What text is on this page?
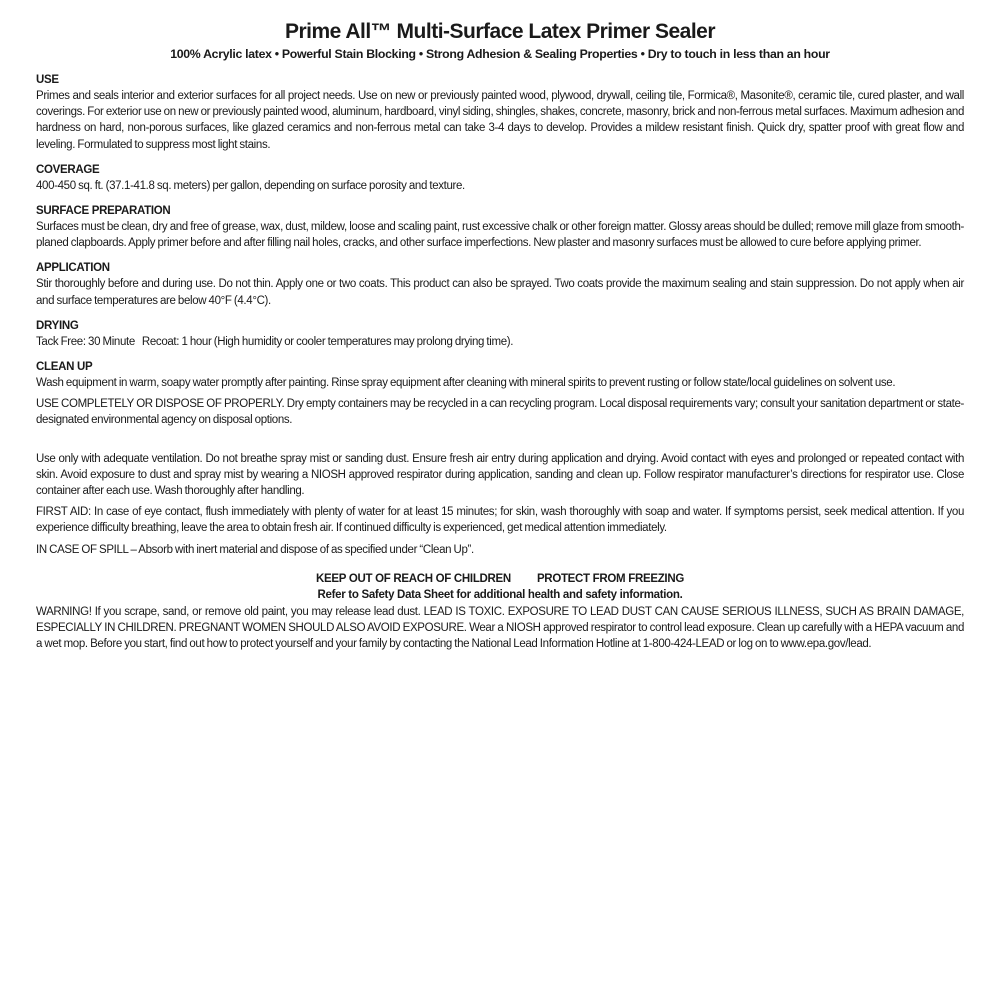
Prime All™ Multi-Surface Latex Primer Sealer
100% Acrylic latex • Powerful Stain Blocking • Strong Adhesion & Sealing Properties • Dry to touch in less than an hour
USE

Primes and seals interior and exterior surfaces for all project needs. Use on new or previously painted wood, plywood, drywall, ceiling tile, Formica®, Masonite®, ceramic tile, cured plaster, and wall coverings. For exterior use on new or previously painted wood, aluminum, hardboard, vinyl siding, shingles, shakes, concrete, masonry, brick and non-ferrous metal surfaces. Maximum adhesion and hardness on hard, non-porous surfaces, like glazed ceramics and non-ferrous metal can take 3-4 days to develop. Provides a mildew resistant finish. Quick dry, spatter proof with great flow and leveling. Formulated to suppress most light stains.

COVERAGE

400-450 sq. ft. (37.1-41.8 sq. meters) per gallon, depending on surface porosity and texture.

SURFACE PREPARATION

Surfaces must be clean, dry and free of grease, wax, dust, mildew, loose and scaling paint, rust excessive chalk or other foreign matter. Glossy areas should be dulled; remove mill glaze from smooth-planed clapboards. Apply primer before and after filling nail holes, cracks, and other surface imperfections. New plaster and masonry surfaces must be allowed to cure before applying primer.

APPLICATION

Stir thoroughly before and during use. Do not thin. Apply one or two coats. This product can also be sprayed. Two coats provide the maximum sealing and stain suppression. Do not apply when air and surface temperatures are below 40°F (4.4°C).

DRYING

Tack Free: 30 Minute   Recoat: 1 hour (High humidity or cooler temperatures may prolong drying time).

CLEAN UP

Wash equipment in warm, soapy water promptly after painting. Rinse spray equipment after cleaning with mineral spirits to prevent rusting or follow state/local guidelines on solvent use.

USE COMPLETELY OR DISPOSE OF PROPERLY. Dry empty containers may be recycled in a can recycling program. Local disposal requirements vary; consult your sanitation department or state-designated environmental agency on disposal options.

Use only with adequate ventilation. Do not breathe spray mist or sanding dust. Ensure fresh air entry during application and drying. Avoid contact with eyes and prolonged or repeated contact with skin. Avoid exposure to dust and spray mist by wearing a NIOSH approved respirator during application, sanding and clean up. Follow respirator manufacturer’s directions for respirator use. Close container after each use. Wash thoroughly after handling.

FIRST AID: In case of eye contact, flush immediately with plenty of water for at least 15 minutes; for skin, wash thoroughly with soap and water. If symptoms persist, seek medical attention. If you experience difficulty breathing, leave the area to obtain fresh air. If continued difficulty is experienced, get medical attention immediately.

IN CASE OF SPILL – Absorb with inert material and dispose of as specified under “Clean Up”.

KEEP OUT OF REACH OF CHILDREN PROTECT FROM FREEZING
Refer to Safety Data Sheet for additional health and safety information.

WARNING! If you scrape, sand, or remove old paint, you may release lead dust. LEAD IS TOXIC. EXPOSURE TO LEAD DUST CAN CAUSE SERIOUS ILLNESS, SUCH AS BRAIN DAMAGE, ESPECIALLY IN CHILDREN. PREGNANT WOMEN SHOULD ALSO AVOID EXPOSURE. Wear a NIOSH approved respirator to control lead exposure. Clean up carefully with a HEPA vacuum and a wet mop. Before you start, find out how to protect yourself and your family by contacting the National Lead Information Hotline at 1-800-424-LEAD or log on to www.epa.gov/lead.
